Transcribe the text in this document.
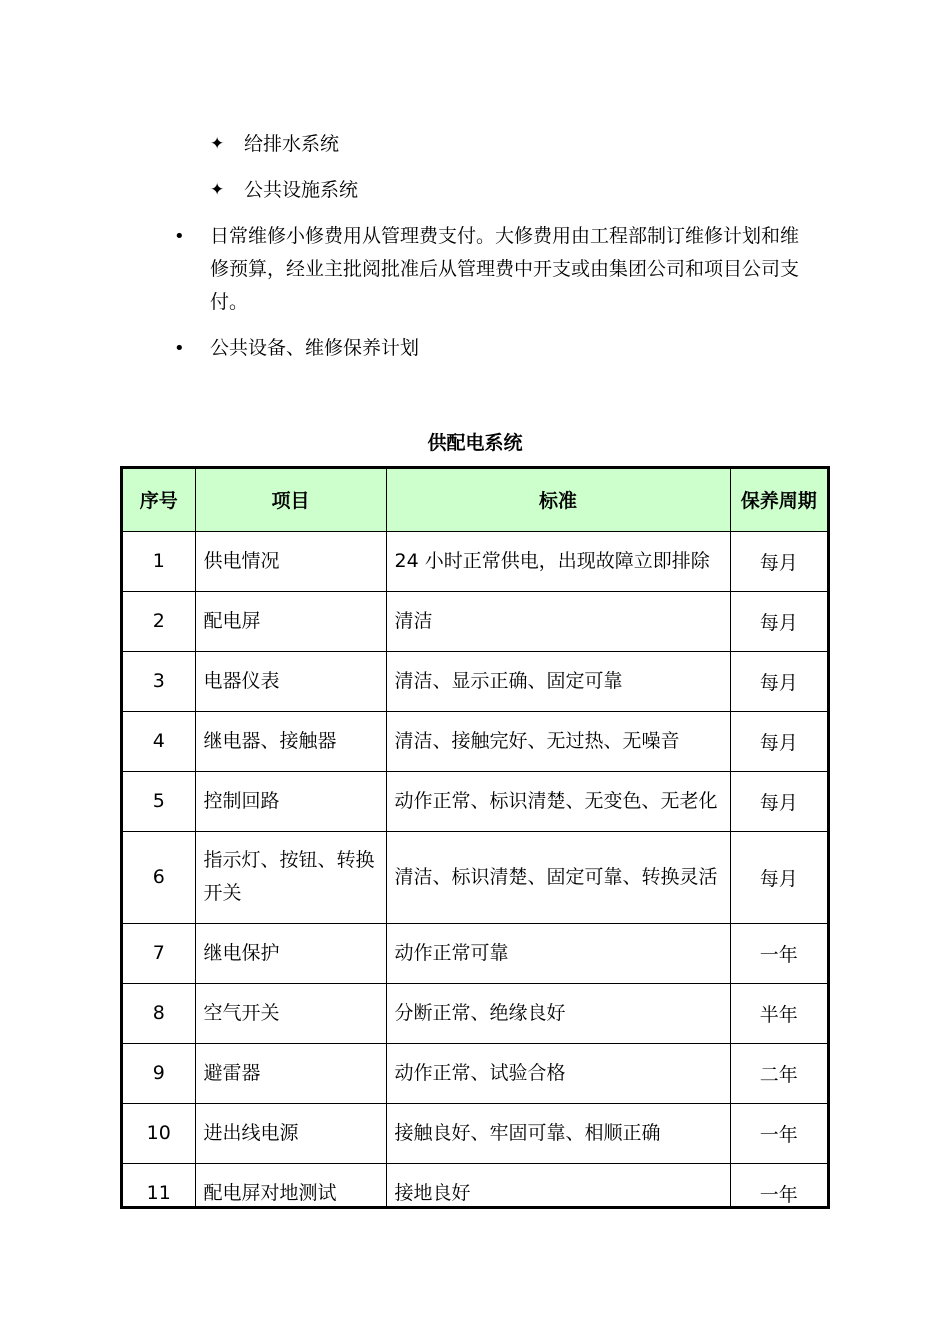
✦	给排水系统
✦	公共设施系统
•	日常维修小修费用从管理费支付。大修费用由工程部制订维修计划和维修预算，经业主批阅批准后从管理费中开支或由集团公司和项目公司支付。
•	公共设备、维修保养计划
供配电系统
序号	项目	标准	保养周期
1	供电情况	24 小时正常供电，出现故障立即排除	每月
2	配电屏	清洁	每月
3	电器仪表	清洁、显示正确、固定可靠	每月
4	继电器、接触器	清洁、接触完好、无过热、无噪音	每月
5	控制回路	动作正常、标识清楚、无变色、无老化	每月
6	指示灯、按钮、转换开关	清洁、标识清楚、固定可靠、转换灵活	每月
7	继电保护	动作正常可靠	一年
8	空气开关	分断正常、绝缘良好	半年
9	避雷器	动作正常、试验合格	二年
10	进出线电源	接触良好、牢固可靠、相顺正确	一年
11	配电屏对地测试	接地良好	一年
